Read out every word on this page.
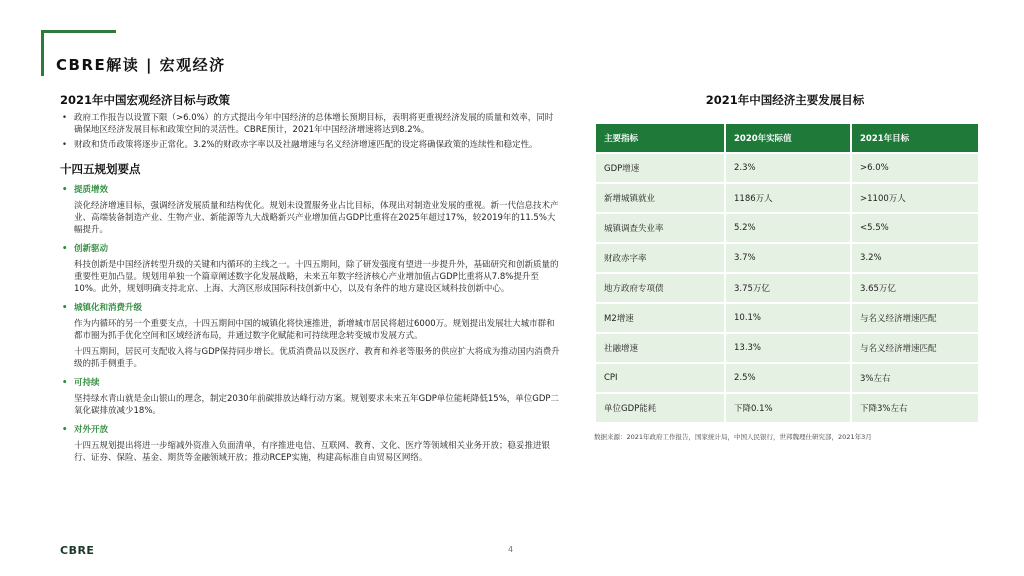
CBRE解读 | 宏观经济
2021年中国宏观经济目标与政策
• 政府工作报告以设置下限（>6.0%）的方式提出今年中国经济的总体增长预期目标，表明将更重视经济发展的质量和效率，同时确保地区经济发展目标和政策空间的灵活性。CBRE预计，2021年中国经济增速将达到8.2%。
• 财政和货币政策将逐步正常化。3.2%的财政赤字率以及社融增速与名义经济增速匹配的设定将确保政策的连续性和稳定性。
十四五规划要点
• 提质增效
淡化经济增速目标，强调经济发展质量和结构优化。规划未设置服务业占比目标，体现出对制造业发展的重视。新一代信息技术产业、高端装备制造产业、生物产业、新能源等九大战略新兴产业增加值占GDP比重将在2025年超过17%，较2019年的11.5%大幅提升。
• 创新驱动
科技创新是中国经济转型升级的关键和内循环的主线之一。十四五期间，除了研发强度有望进一步提升外，基础研究和创新质量的重要性更加凸显。规划用单独一个篇章阐述数字化发展战略，未来五年数字经济核心产业增加值占GDP比重将从7.8%提升至10%。此外，规划明确支持北京、上海、大湾区形成国际科技创新中心，以及有条件的地方建设区域科技创新中心。
• 城镇化和消费升级
作为内循环的另一个重要支点，十四五期间中国的城镇化将快速推进，新增城市居民将超过6000万。规划提出发展壮大城市群和都市圈为抓手优化空间和区域经济布局，并通过数字化赋能和可持续理念转变城市发展方式。
十四五期间，居民可支配收入将与GDP保持同步增长。优质消费品以及医疗、教育和养老等服务的供应扩大将成为推动国内消费升级的抓手侧重手。
• 可持续
坚持绿水青山就是金山银山的理念，制定2030年前碳排放达峰行动方案。规划要求未来五年GDP单位能耗降低15%，单位GDP二氧化碳排放减少18%。
• 对外开放
十四五规划提出将进一步缩减外资准入负面清单，有序推进电信、互联网、教育、文化、医疗等领域相关业务开放；稳妥推进银行、证券、保险、基金、期货等金融领域开放；推动RCEP实施，构建高标准自由贸易区网络。
2021年中国经济主要发展目标
主要指标	2020年实际值	2021年目标
GDP增速	2.3%	>6.0%
新增城镇就业	1186万人	>1100万人
城镇调查失业率	5.2%	<5.5%
财政赤字率	3.7%	3.2%
地方政府专项债	3.75万亿	3.65万亿
M2增速	10.1%	与名义经济增速匹配
社融增速	13.3%	与名义经济增速匹配
CPI	2.5%	3%左右
单位GDP能耗	下降0.1%	下降3%左右
数据来源：2021年政府工作报告，国家统计局，中国人民银行，世邦魏理仕研究部，2021年3月
CBRE	4
